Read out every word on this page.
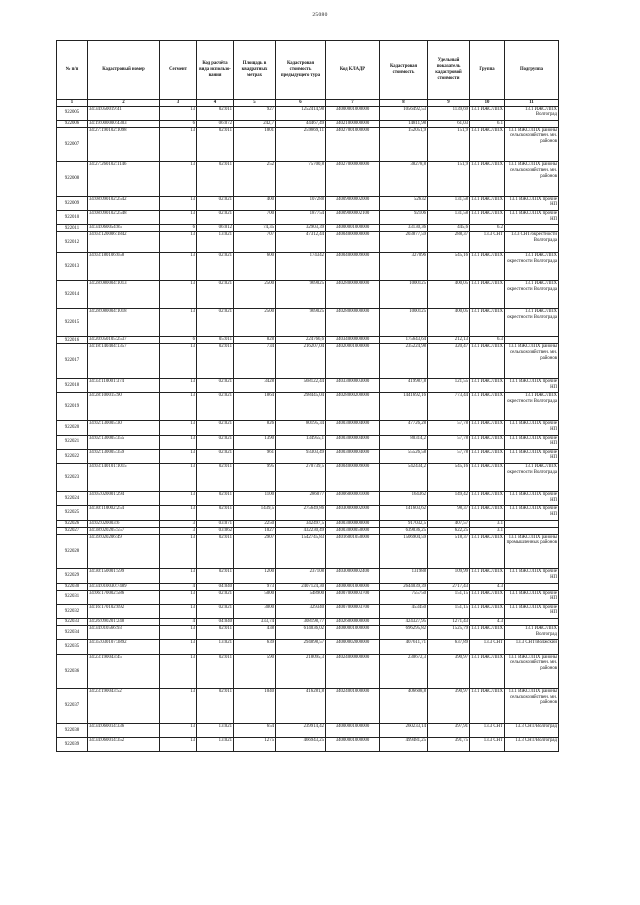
25080
№ п/п	Кадастровый номер	Сегмент	Код расчёта вида использо-вания	Площадь в квадратных метрах	Кадастровая стоимость предыдущего тура	Код КЛАДР	Кадастровая стоимость	Удельный показатель кадастровой стоимости	Группа	Подгруппа
1	2	3	4	5	6	7	8	9	10	11
922005	34:34:050019:41	13	02:011	927	1252414,98	34000001000000	1056492,53	1139,69	13.1 ИЖС/ЛПХ	13.1 ИЖС/ЛПХ Волгоград
922006	34:19:000000:4303	6	06:072	242,7	44467,49	34021000000000	14811,98	61,03	6.1	
922007	34:27:190102:1098	13	02:011	1001	259869,11	34027001000000	152051,9	151,9	13.1 ИЖС/ЛПХ	13.1 ИЖС/ЛПХ районы сельскохозяйствен. мн. районов
922008	34:27:260102:1146	13	02:011	252	75700,8	34027000000000	38278,8	151,9	13.1 ИЖС/ЛПХ	13.1 ИЖС/ЛПХ районы сельскохозяйствен. мн. районов
922009	34:08:090102:2542	13	02:021	400	107288	34009000002000	52632	131,58	13.1 ИЖС/ЛПХ	13.1 ИЖС/ЛПХ прочие НП
922010	34:08:090102:2548	13	02:021	700	187754	34009000002100	92106	131,58	13.1 ИЖС/ЛПХ	13.1 ИЖС/ЛПХ прочие НП
922011	34:34:060054:85	6	06:012	74,35	32903,39	34000001000000	33130,36	445,6	6.2	
922012	34:03:120006:1842	13	13:021	707	47312,44	34004000000000	203877,59	288,37	13.3 СНТ	13.3 СНТ/окрестности Волгограда
922013	34:03:180106:658	13	02:021	600	174342	34004000009000	327096	545,16	13.1 ИЖС/ЛПХ	13.1 ИЖС/ЛПХ окрестности Волгограда
922014	34:28:080004:1013	13	02:021	2500	969025	34028000000000	1000125	400,05	13.1 ИЖС/ЛПХ	13.1 ИЖС/ЛПХ окрестности Волгограда
922015	34:28:080004:1018	13	02:021	2500	969025	34028000000000	1000125	400,05	13.1 ИЖС/ЛПХ	13.1 ИЖС/ЛПХ окрестности Волгограда
922016	34:20:050105:2537	6	05:011	828	224766,6	34034000000000	175643,64	212,13	6.3	
922017	34:18:140404:1357	13	02:011	734	216207,04	34020001000000	235224,98	320,47	13.1 ИЖС/ЛПХ	13.1 ИЖС/ЛПХ районы сельскохозяйствен. мн. районов
922018	34:33:110001:374	13	02:021	3428	568122,44	34033000003000	419987,8	121,55	13.1 ИЖС/ЛПХ	13.1 ИЖС/ЛПХ прочие НП
922019	34:28:100015:90	13	02:021	1864	298445,04	34028000200000	1441692,16	773,44	13.1 ИЖС/ЛПХ	13.1 ИЖС/ЛПХ окрестности Волгограда
922020	34:02:130005:30	13	02:021	826	80195,34	34003000004000	47726,28	57,78	13.1 ИЖС/ЛПХ	13.1 ИЖС/ЛПХ прочие НП
922021	34:02:130005:355	13	02:021	1390	134955,1	34003000004000	80314,2	57,78	13.1 ИЖС/ЛПХ	13.1 ИЖС/ЛПХ прочие НП
922022	34:02:130005:359	13	02:021	961	93303,49	34003000004000	55526,58	57,78	13.1 ИЖС/ЛПХ	13.1 ИЖС/ЛПХ прочие НП
922023	34:03:140101:1015	13	02:011	995	270739,5	34004000009000	542434,2	545,16	13.1 ИЖС/ЛПХ	13.1 ИЖС/ЛПХ окрестности Волгограда
922024	34:05:020001:294	13	02:011	1100	286077	34006000001000	164362	149,42	13.1 ИЖС/ЛПХ	13.1 ИЖС/ЛПХ прочие НП
922025	34:30:110002:254	13	02:011	1439,5	275649,86	34030000002000	141603,62	98,37	13.1 ИЖС/ЛПХ	13.1 ИЖС/ЛПХ прочие НП
922026	34:02:020003:6	3	03:071	2250	342497,5	34003000000000	917032,5	407,57	3.1	
922027	34:38:020205:557	3	03:062	1027	432230,49	34003000050000	639036,25	622,25	3.1	
922028	34:39:020206:49	13	02:011	2907	1542745,83	34016001050000	1506904,59	518,37	13.1 ИЖС/ЛПХ	13.1 ИЖС/ЛПХ районы промышленных районов
922029	34:30:150001:599	13	02:011	1200	237108	34030000002400	131988	109,99	13.1 ИЖС/ЛПХ	13.1 ИЖС/ЛПХ прочие НП
922030	34:34:010030:7489	4	04:040	973	2407124,30	34000001000000	2644039,39	2717,43	4.3	
922031	34:06:170002:586	13	02:021	5000	548900	34007000003700	755750	151,15	13.1 ИЖС/ЛПХ	13.1 ИЖС/ЛПХ прочие НП
922032	34:16:170102:692	13	02:021	3000	329340	34007000003700	453450	151,15	13.1 ИЖС/ЛПХ	13.1 ИЖС/ЛПХ прочие НП
922033	34:26:090201:248	4	04:040	333,74	308198,77	34026000000000	424327,95	1271,43	4.3	
922034	34:34:010566:93	13	02:011	438	614036,02	34000001000000	696295,82	1525,79	13.1 ИЖС/ЛПХ	13.1 ИЖС/ЛПХ Волгоград
922035	34:35:030107:3892	13	13:021	639	294898,57	34000002000000	407611,71	637,89	13.3 СНТ	13.3 СНТ/Волжский
922036	34:23:190043:45	13	02:011	590	218095,3	34024000000000	230672,3	390,97	13.1 ИЖС/ЛПХ	13.1 ИЖС/ЛПХ районы сельскохозяйствен. мн. районов
922037	34:23:190043:52	13	02:011	1040	416281,8	34024001000000	406608,8	390,97	13.1 ИЖС/ЛПХ	13.1 ИЖС/ЛПХ районы сельскохозяйствен. мн. районов
922038	34:34:060014:336	13	13:021	654	239914,42	34000001000000	260233,14	397,91	13.3 СНТ	13.3 СНТ/Волгоград
922039	34:34:060014:352	13	13:021	1275	466943,25	34000001000000	499481,25	391,75	13.3 СНТ	13.3 СНТ/Волгоград
